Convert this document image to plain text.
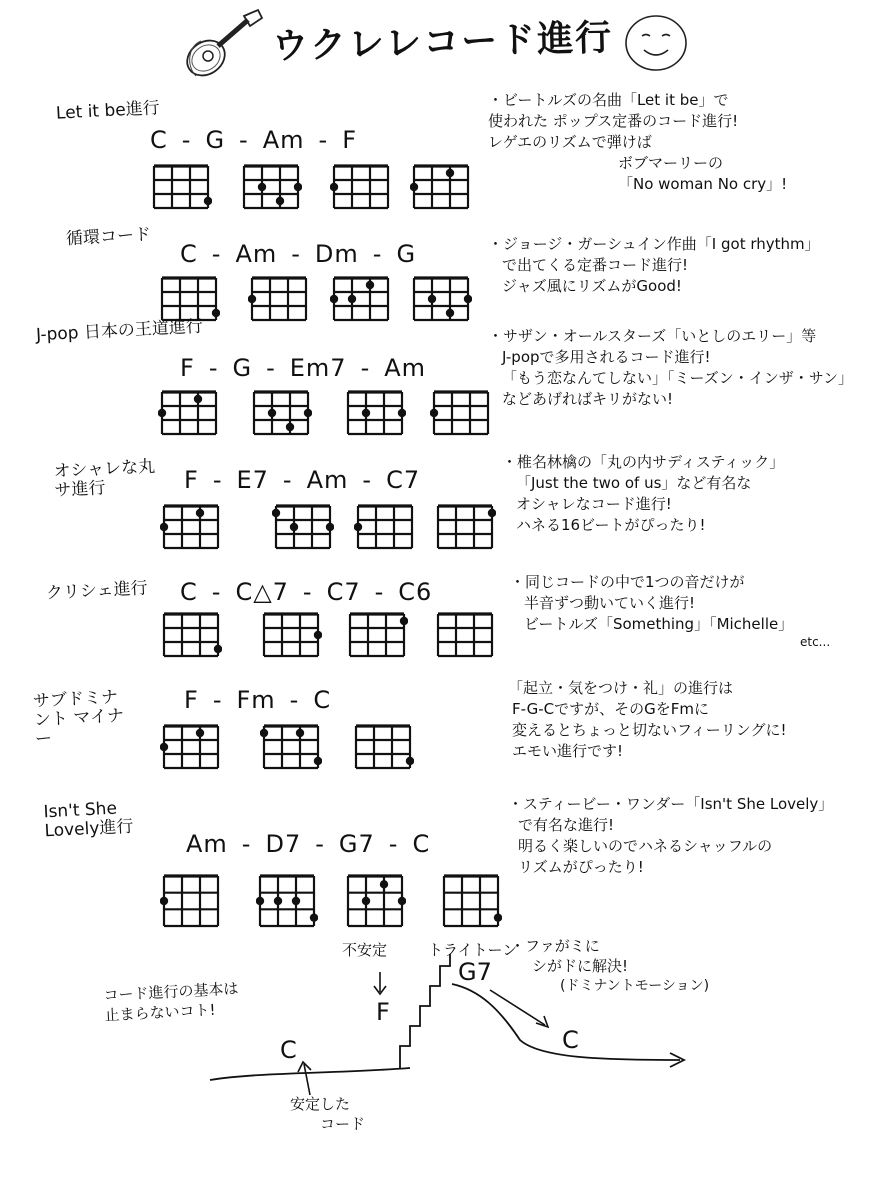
ウクレレコード進行
Let it be進行
C - G - Am - F

・ビートルズの名曲「Let it be」で

使われた ポップス定番のコード進行!

レゲエのリズムで弾けば

ボブマーリーの

「No woman No cry」!

循環コード
C - Am - Dm - G	・ジョージ・ガーシュイン作曲「I got rhythm」

で出てくる定番コード進行!

ジャズ風にリズムがGood!

J-pop 日本の王道進行
F - G - Em7 - Am

・サザン・オールスターズ「いとしのエリー」等

J-popで多用されるコード進行!

「もう恋なんてしない」「ミーズン・インザ・サン」

などあげればキリがない!

オシャレな丸サ進行	F - E7 - Am - C7

・椎名林檎の「丸の内サディスティック」

「Just the two of us」など有名な

オシャレなコード進行!

ハネる16ビートがぴったり!

クリシェ進行 C - C△7 - C7 - C6	・同じコードの中で1つの音だけが

半音ずつ動いていく進行!

ビートルズ「Something」「Michelle」

etc...

サブドミナント マイナー
F - Fm - C	「起立・気をつけ・礼」の進行は

F-G-Cですが、そのGをFmに

変えるとちょっと切ないフィーリングに!

エモい進行です!

Isn't She Lovely進行
Am - D7 - G7 - C

・スティービー・ワンダー「Isn't She Lovely」

で有名な進行!

明るく楽しいのでハネるシャッフルの

リズムがぴったり!

コード進行の基本は

止まらないコト!

不安定	トライトーン

・ファがミに

シがドに解決!

(ドミナントモーション)

C
F
G7
C

安定した

コード
